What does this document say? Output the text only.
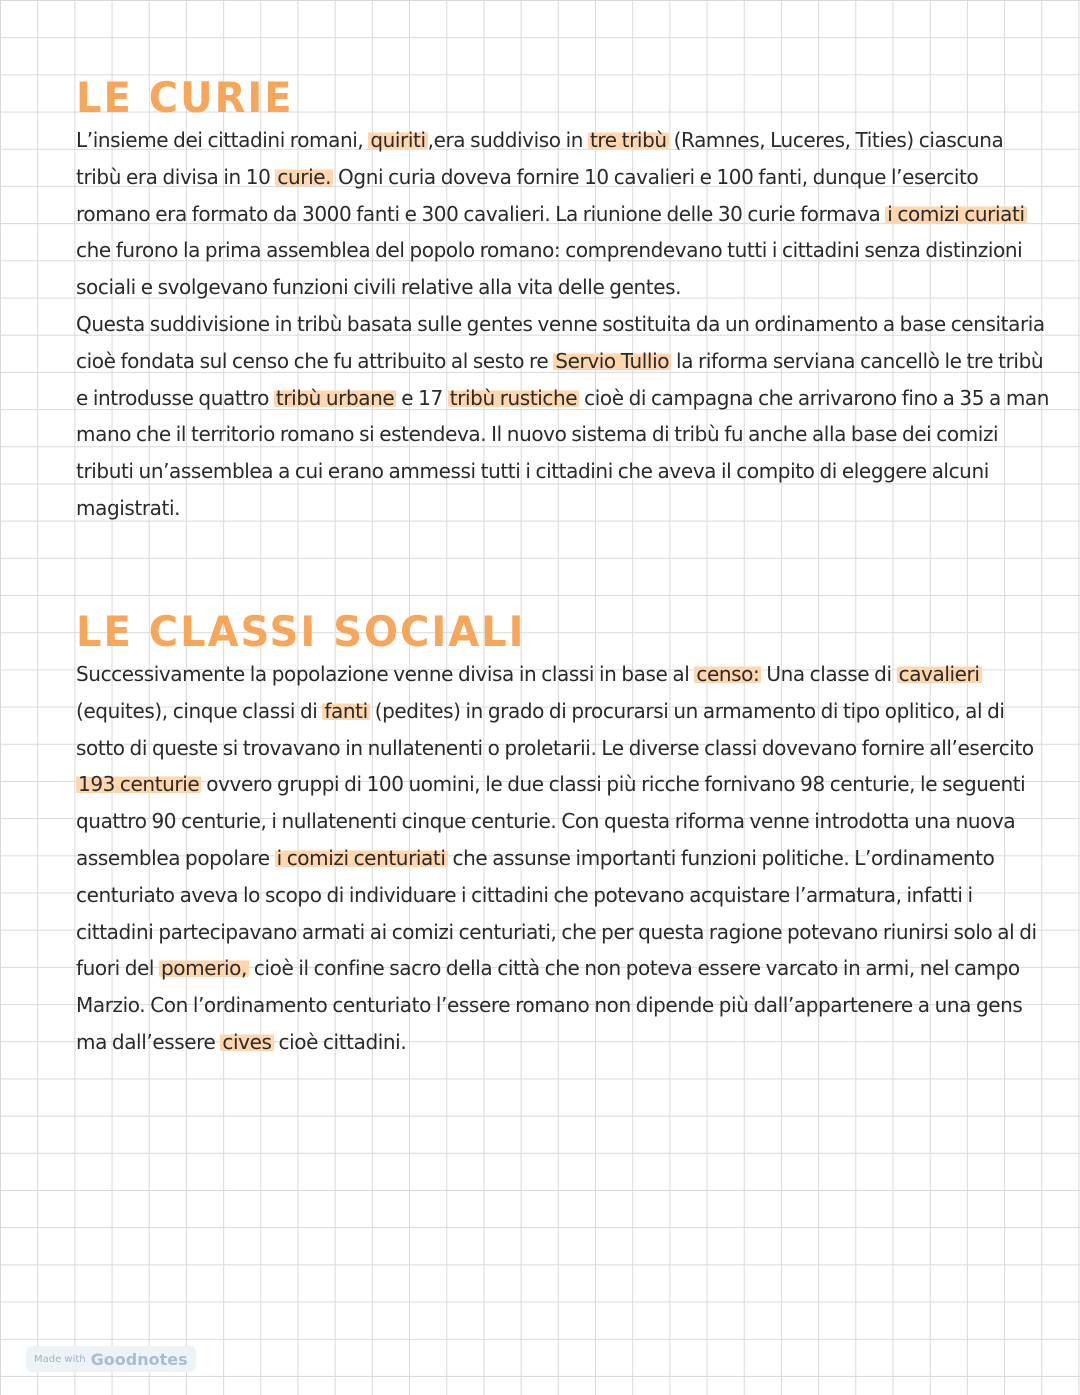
LE CURIE

L’insieme dei cittadini romani, quiriti ,era suddiviso in tre tribù (Ramnes, Luceres, Tities) ciascuna tribù era divisa in 10 curie. Ogni curia doveva fornire 10 cavalieri e 100 fanti, dunque l’esercito romano era formato da 3000 fanti e 300 cavalieri. La riunione delle 30 curie formava i comizi curiati che furono la prima assemblea del popolo romano: comprendevano tutti i cittadini senza distinzioni sociali e svolgevano funzioni civili relative alla vita delle gentes.

Questa suddivisione in tribù basata sulle gentes venne sostituita da un ordinamento a base censitaria cioè fondata sul censo che fu attribuito al sesto re Servio Tullio la riforma serviana cancellò le tre tribù e introdusse quattro tribù urbane e 17 tribù rustiche cioè di campagna che arrivarono fino a 35 a man mano che il territorio romano si estendeva. Il nuovo sistema di tribù fu anche alla base dei comizi tributi un’assemblea a cui erano ammessi tutti i cittadini che aveva il compito di eleggere alcuni magistrati.

LE CLASSI SOCIALI

Successivamente la popolazione venne divisa in classi in base al censo: Una classe di cavalieri (equites), cinque classi di fanti (pedites) in grado di procurarsi un armamento di tipo oplitico, al di sotto di queste si trovavano in nullatenenti o proletarii. Le diverse classi dovevano fornire all’esercito 193 centurie ovvero gruppi di 100 uomini, le due classi più ricche fornivano 98 centurie, le seguenti quattro 90 centurie, i nullatenenti cinque centurie. Con questa riforma venne introdotta una nuova assemblea popolare i comizi centuriati che assunse importanti funzioni politiche. L’ordinamento centuriato aveva lo scopo di individuare i cittadini che potevano acquistare l’armatura, infatti i cittadini partecipavano armati ai comizi centuriati, che per questa ragione potevano riunirsi solo al di fuori del pomerio, cioè il confine sacro della città che non poteva essere varcato in armi, nel campo Marzio. Con l’ordinamento centuriato l’essere romano non dipende più dall’appartenere a una gens ma dall’essere cives cioè cittadini.

Made with Goodnotes
